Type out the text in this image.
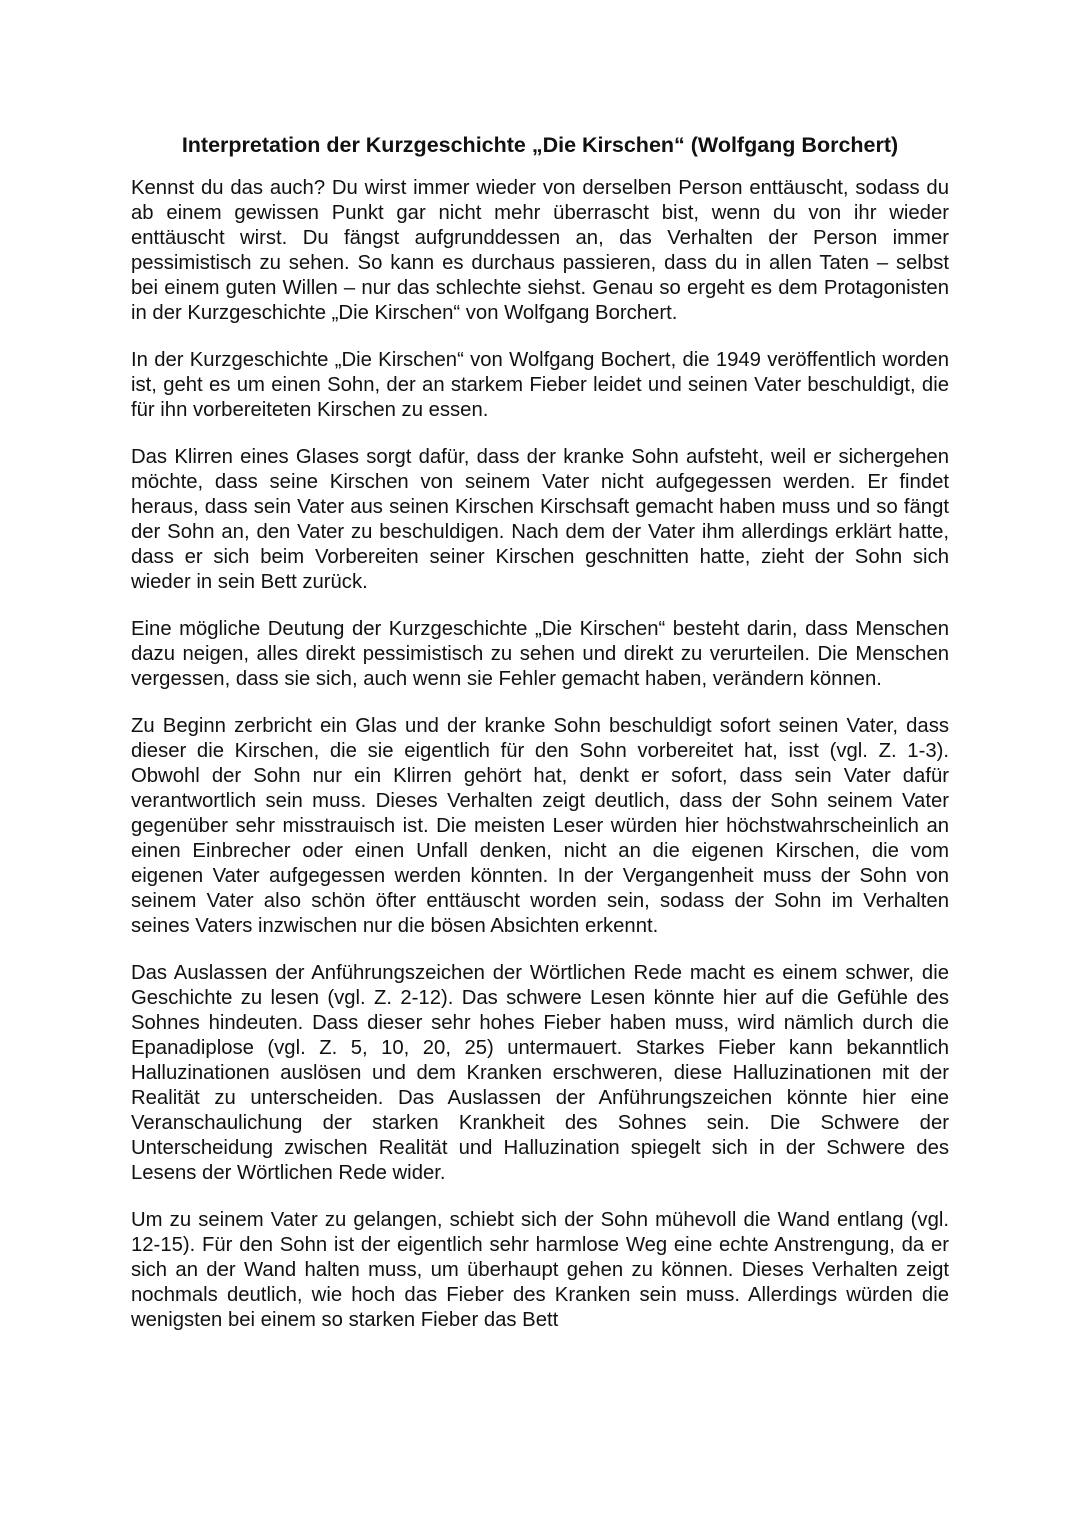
Interpretation der Kurzgeschichte „Die Kirschen“ (Wolfgang Borchert)

Kennst du das auch? Du wirst immer wieder von derselben Person enttäuscht, sodass du ab einem gewissen Punkt gar nicht mehr überrascht bist, wenn du von ihr wieder enttäuscht wirst. Du fängst aufgrunddessen an, das Verhalten der Person immer pessimistisch zu sehen. So kann es durchaus passieren, dass du in allen Taten – selbst bei einem guten Willen – nur das schlechte siehst. Genau so ergeht es dem Protagonisten in der Kurzgeschichte „Die Kirschen“ von Wolfgang Borchert.

In der Kurzgeschichte „Die Kirschen“ von Wolfgang Bochert, die 1949 veröffentlich worden ist, geht es um einen Sohn, der an starkem Fieber leidet und seinen Vater beschuldigt, die für ihn vorbereiteten Kirschen zu essen.

Das Klirren eines Glases sorgt dafür, dass der kranke Sohn aufsteht, weil er sichergehen möchte, dass seine Kirschen von seinem Vater nicht aufgegessen werden. Er findet heraus, dass sein Vater aus seinen Kirschen Kirschsaft gemacht haben muss und so fängt der Sohn an, den Vater zu beschuldigen. Nach dem der Vater ihm allerdings erklärt hatte, dass er sich beim Vorbereiten seiner Kirschen geschnitten hatte, zieht der Sohn sich wieder in sein Bett zurück.

Eine mögliche Deutung der Kurzgeschichte „Die Kirschen“ besteht darin, dass Menschen dazu neigen, alles direkt pessimistisch zu sehen und direkt zu verurteilen. Die Menschen vergessen, dass sie sich, auch wenn sie Fehler gemacht haben, verändern können.

Zu Beginn zerbricht ein Glas und der kranke Sohn beschuldigt sofort seinen Vater, dass dieser die Kirschen, die sie eigentlich für den Sohn vorbereitet hat, isst (vgl. Z. 1-3). Obwohl der Sohn nur ein Klirren gehört hat, denkt er sofort, dass sein Vater dafür verantwortlich sein muss. Dieses Verhalten zeigt deutlich, dass der Sohn seinem Vater gegenüber sehr misstrauisch ist. Die meisten Leser würden hier höchstwahrscheinlich an einen Einbrecher oder einen Unfall denken, nicht an die eigenen Kirschen, die vom eigenen Vater aufgegessen werden könnten. In der Vergangenheit muss der Sohn von seinem Vater also schön öfter enttäuscht worden sein, sodass der Sohn im Verhalten seines Vaters inzwischen nur die bösen Absichten erkennt.

Das Auslassen der Anführungszeichen der Wörtlichen Rede macht es einem schwer, die Geschichte zu lesen (vgl. Z. 2-12). Das schwere Lesen könnte hier auf die Gefühle des Sohnes hindeuten. Dass dieser sehr hohes Fieber haben muss, wird nämlich durch die Epanadiplose (vgl. Z. 5, 10, 20, 25) untermauert. Starkes Fieber kann bekanntlich Halluzinationen auslösen und dem Kranken erschweren, diese Halluzinationen mit der Realität zu unterscheiden. Das Auslassen der Anführungszeichen könnte hier eine Veranschaulichung der starken Krankheit des Sohnes sein. Die Schwere der Unterscheidung zwischen Realität und Halluzination spiegelt sich in der Schwere des Lesens der Wörtlichen Rede wider.

Um zu seinem Vater zu gelangen, schiebt sich der Sohn mühevoll die Wand entlang (vgl. 12-15). Für den Sohn ist der eigentlich sehr harmlose Weg eine echte Anstrengung, da er sich an der Wand halten muss, um überhaupt gehen zu können. Dieses Verhalten zeigt nochmals deutlich, wie hoch das Fieber des Kranken sein muss. Allerdings würden die wenigsten bei einem so starken Fieber das Bett
